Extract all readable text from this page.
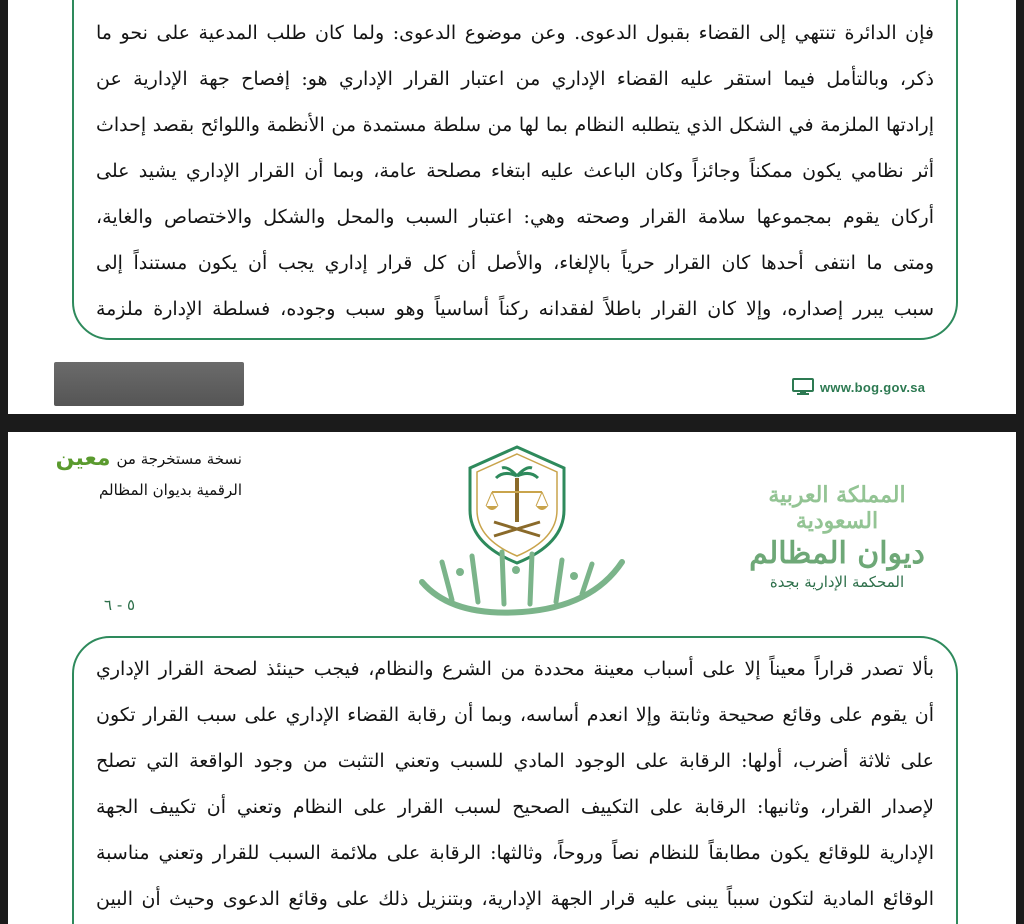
فإن الدائرة تنتهي إلى القضاء بقبول الدعوى. وعن موضوع الدعوى: ولما كان طلب المدعية على نحو ما
ذكر، وبالتأمل فيما استقر عليه القضاء الإداري من اعتبار القرار الإداري هو: إفصاح جهة الإدارية عن
إرادتها الملزمة في الشكل الذي يتطلبه النظام بما لها من سلطة مستمدة من الأنظمة واللوائح بقصد إحداث
أثر نظامي يكون ممكناً وجائزاً وكان الباعث عليه ابتغاء مصلحة عامة، وبما أن القرار الإداري يشيد على
أركان يقوم بمجموعها سلامة القرار وصحته وهي: اعتبار السبب والمحل والشكل والاختصاص والغاية،
ومتى ما انتفى أحدها كان القرار حرياً بالإلغاء، والأصل أن كل قرار إداري يجب أن يكون مستنداً إلى
سبب يبرر إصداره، وإلا كان القرار باطلاً لفقدانه ركناً أساسياً وهو سبب وجوده، فسلطة الإدارة ملزمة
www.bog.gov.sa
نسخة مستخرجة من
معين
الرقمية بديوان المظالم	المملكة العربية السعودية
ديوان المظالم
المحكمة الإدارية بجدة
٥ - ٦
بألا تصدر قراراً معيناً إلا على أسباب معينة محددة من الشرع والنظام، فيجب حينئذ لصحة القرار الإداري
أن يقوم على وقائع صحيحة وثابتة وإلا انعدم أساسه، وبما أن رقابة القضاء الإداري على سبب القرار تكون
على ثلاثة أضرب، أولها: الرقابة على الوجود المادي للسبب وتعني التثبت من وجود الواقعة التي تصلح
لإصدار القرار، وثانيها: الرقابة على التكييف الصحيح لسبب القرار على النظام وتعني أن تكييف الجهة
الإدارية للوقائع يكون مطابقاً للنظام نصاً وروحاً، وثالثها: الرقابة على ملائمة السبب للقرار وتعني مناسبة
الوقائع المادية لتكون سبباً يبنى عليه قرار الجهة الإدارية، وبتنزيل ذلك على وقائع الدعوى وحيث أن البين
